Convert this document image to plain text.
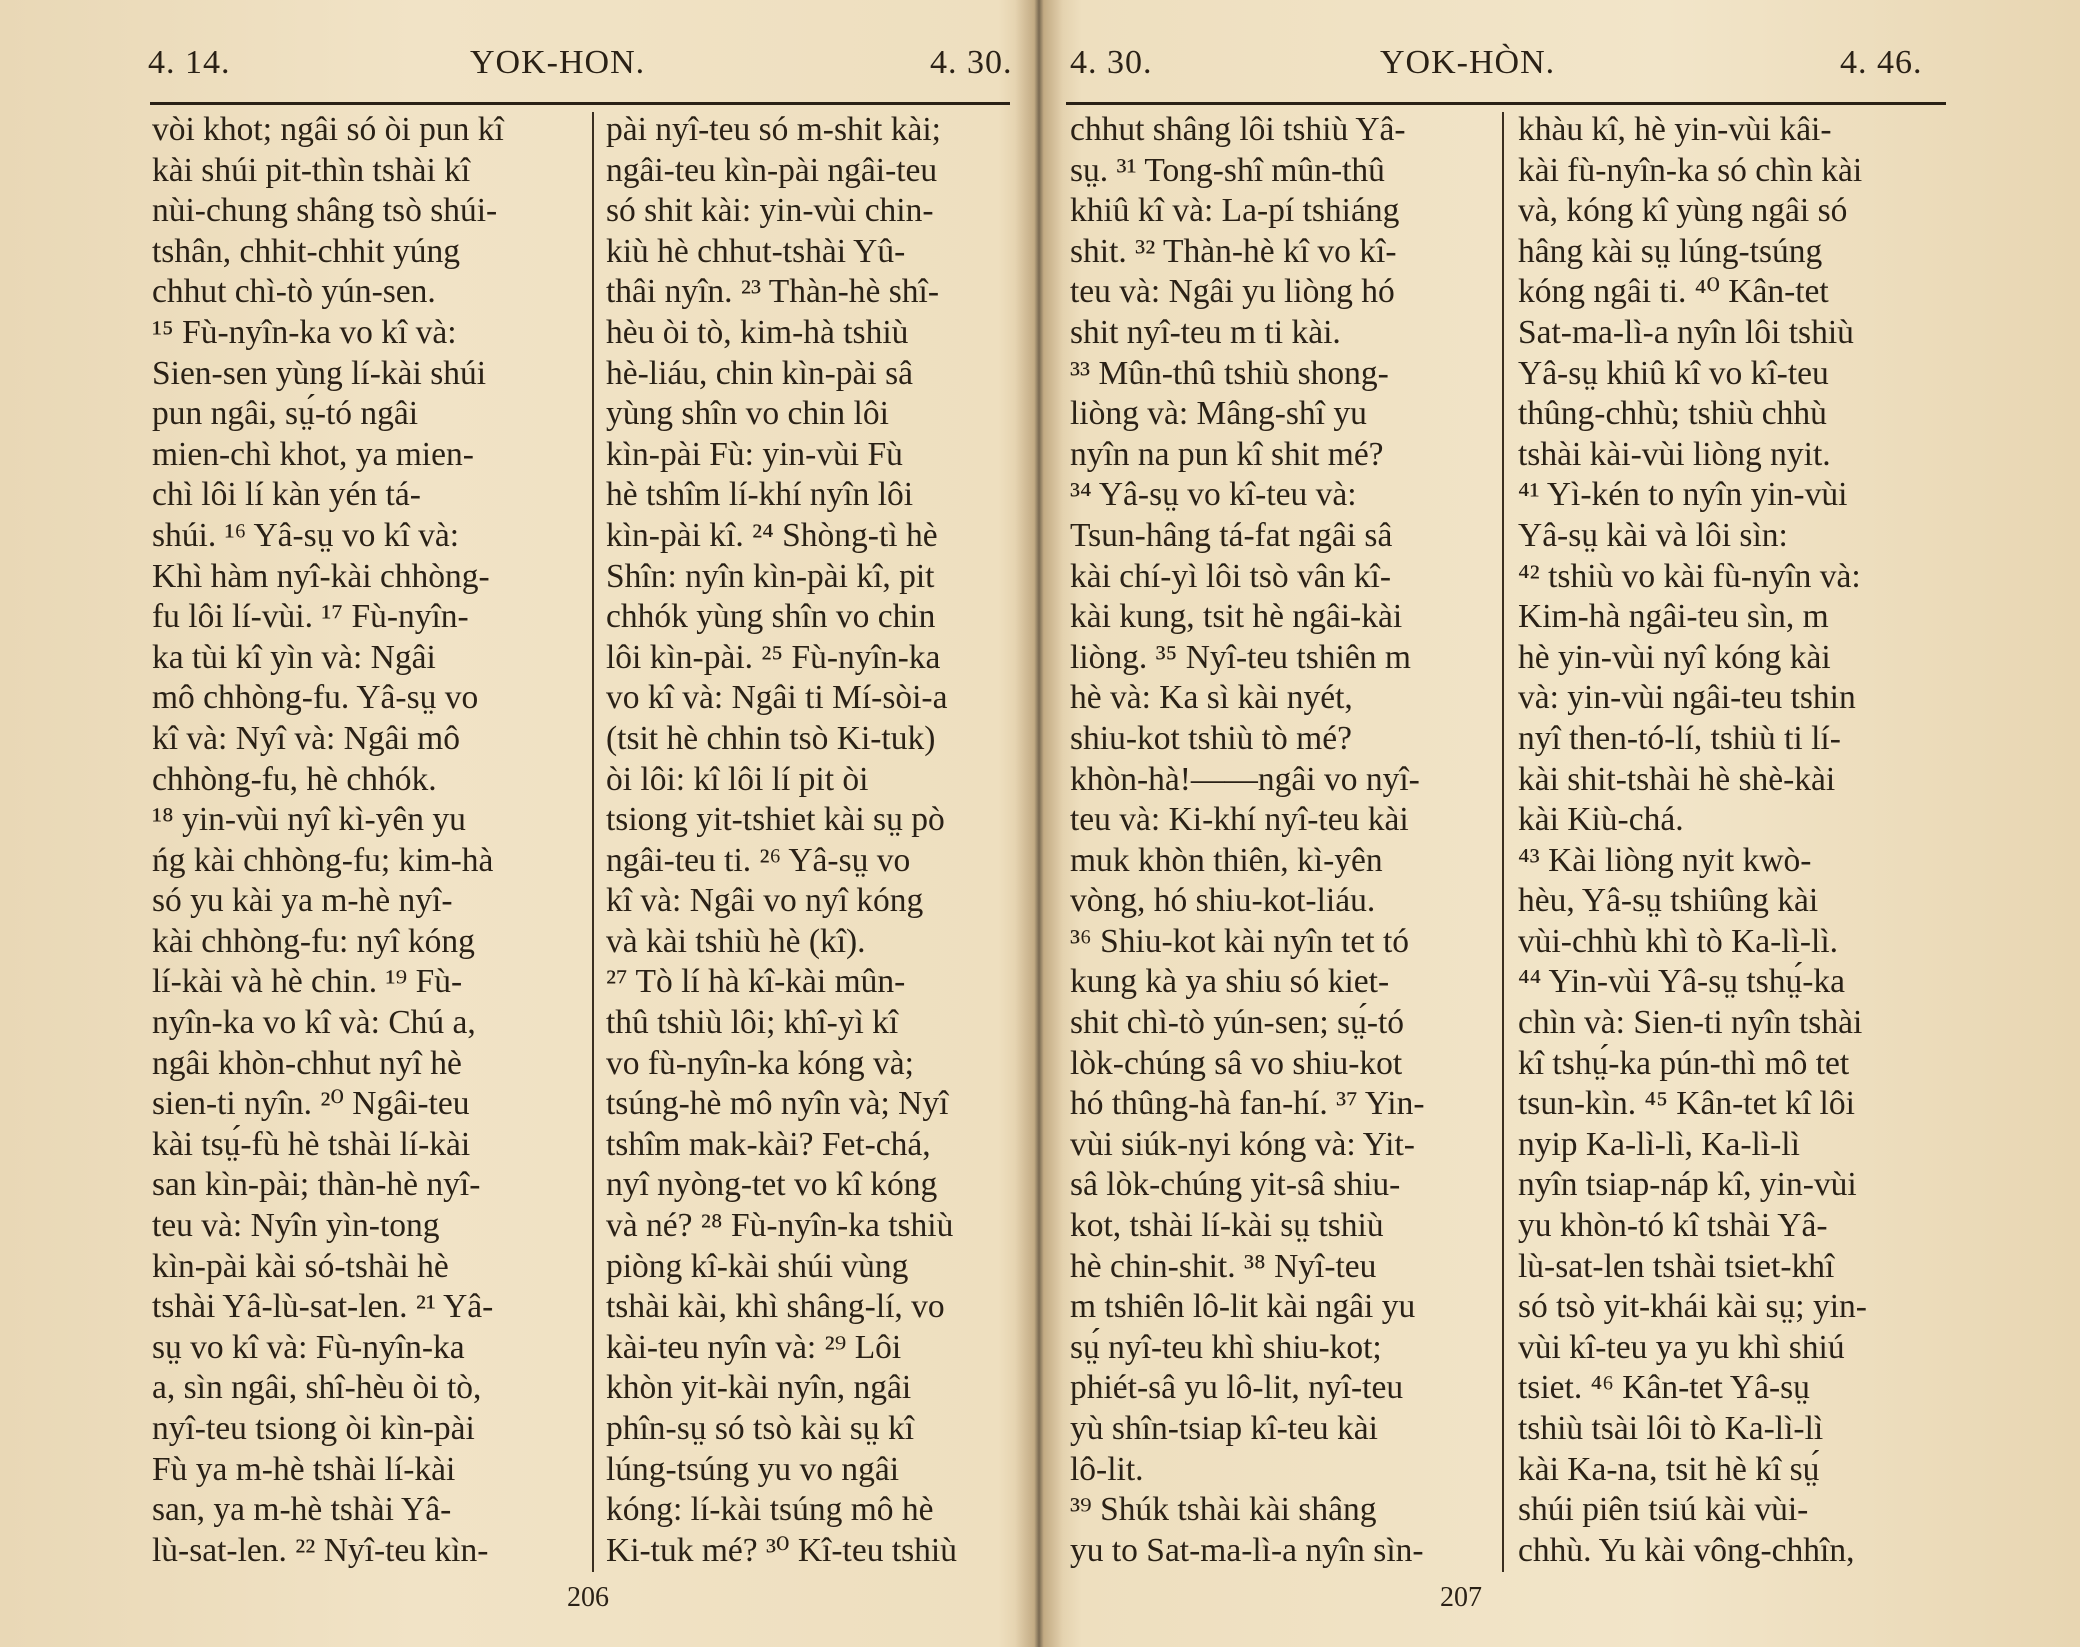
4. 14.	YOK-HON.	4. 30.

vòi khot; ngâi só òi pun kî
kài shúi pit-thìn tshài kî
nùi-chung shâng tsò shúi-
tshân, chhit-chhit yúng
chhut chì-tò yún-sen.
¹⁵ Fù-nyîn-ka vo kî và:
Sien-sen yùng lí-kài shúi
pun ngâi, sṳ́-tó ngâi
mien-chì khot, ya mien-
chì lôi lí kàn yén tá-
shúi. ¹⁶ Yâ-sṳ vo kî và:
Khì hàm nyî-kài chhòng-
fu lôi lí-vùi. ¹⁷ Fù-nyîn-
ka tùi kî yìn và: Ngâi
mô chhòng-fu. Yâ-sṳ vo
kî và: Nyî và: Ngâi mô
chhòng-fu, hè chhók.
¹⁸ yin-vùi nyî kì-yên yu
ńg kài chhòng-fu; kim-hà
só yu kài ya m-hè nyî-
kài chhòng-fu: nyî kóng
lí-kài và hè chin. ¹⁹ Fù-
nyîn-ka vo kî và: Chú a,
ngâi khòn-chhut nyî hè
sien-ti nyîn. ²⁰ Ngâi-teu
kài tsṳ́-fù hè tshài lí-kài
san kìn-pài; thàn-hè nyî-
teu và: Nyîn yìn-tong
kìn-pài kài só-tshài hè
tshài Yâ-lù-sat-len. ²¹ Yâ-
sṳ vo kî và: Fù-nyîn-ka
a, sìn ngâi, shî-hèu òi tò,
nyî-teu tsiong òi kìn-pài
Fù ya m-hè tshài lí-kài
san, ya m-hè tshài Yâ-
lù-sat-len. ²² Nyî-teu kìn-

pài nyî-teu só m-shit kài;
ngâi-teu kìn-pài ngâi-teu
só shit kài: yin-vùi chin-
kiù hè chhut-tshài Yû-
thâi nyîn. ²³ Thàn-hè shî-
hèu òi tò, kim-hà tshiù
hè-liáu, chin kìn-pài sâ
yùng shîn vo chin lôi
kìn-pài Fù: yin-vùi Fù
hè tshîm lí-khí nyîn lôi
kìn-pài kî. ²⁴ Shòng-tì hè
Shîn: nyîn kìn-pài kî, pit
chhók yùng shîn vo chin
lôi kìn-pài. ²⁵ Fù-nyîn-ka
vo kî và: Ngâi ti Mí-sòi-a
(tsit hè chhin tsò Ki-tuk)
òi lôi: kî lôi lí pit òi
tsiong yit-tshiet kài sṳ pò
ngâi-teu ti. ²⁶ Yâ-sṳ vo
kî và: Ngâi vo nyî kóng
và kài tshiù hè (kî).
²⁷ Tò lí hà kî-kài mûn-
thû tshiù lôi; khî-yì kî
vo fù-nyîn-ka kóng và;
tsúng-hè mô nyîn và; Nyî
tshîm mak-kài? Fet-chá,
nyî nyòng-tet vo kî kóng
và né? ²⁸ Fù-nyîn-ka tshiù
piòng kî-kài shúi vùng
tshài kài, khì shâng-lí, vo
kài-teu nyîn và: ²⁹ Lôi
khòn yit-kài nyîn, ngâi
phîn-sṳ só tsò kài sṳ kî
lúng-tsúng yu vo ngâi
kóng: lí-kài tsúng mô hè
Ki-tuk mé? ³⁰ Kî-teu tshiù

206
4. 30.	YOK-HÒN.	4. 46.

chhut shâng lôi tshiù Yâ-
sṳ. ³¹ Tong-shî mûn-thû
khiû kî và: La-pí tshiáng
shit. ³² Thàn-hè kî vo kî-
teu và: Ngâi yu liòng hó
shit nyî-teu m ti kài.
³³ Mûn-thû tshiù shong-
liòng và: Mâng-shî yu
nyîn na pun kî shit mé?
³⁴ Yâ-sṳ vo kî-teu và:
Tsun-hâng tá-fat ngâi sâ
kài chí-yì lôi tsò vân kî-
kài kung, tsit hè ngâi-kài
liòng. ³⁵ Nyî-teu tshiên m
hè và: Ka sì kài nyét,
shiu-kot tshiù tò mé?
khòn-hà!——ngâi vo nyî-
teu và: Ki-khí nyî-teu kài
muk khòn thiên, kì-yên
vòng, hó shiu-kot-liáu.
³⁶ Shiu-kot kài nyîn tet tó
kung kà ya shiu só kiet-
shit chì-tò yún-sen; sṳ́-tó
lòk-chúng sâ vo shiu-kot
hó thûng-hà fan-hí. ³⁷ Yin-
vùi siúk-nyi kóng và: Yit-
sâ lòk-chúng yit-sâ shiu-
kot, tshài lí-kài sṳ tshiù
hè chin-shit. ³⁸ Nyî-teu
m tshiên lô-lit kài ngâi yu
sṳ́ nyî-teu khì shiu-kot;
phiét-sâ yu lô-lit, nyî-teu
yù shîn-tsiap kî-teu kài
lô-lit.
³⁹ Shúk tshài kài shâng
yu to Sat-ma-lì-a nyîn sìn-

khàu kî, hè yin-vùi kâi-
kài fù-nyîn-ka só chìn kài
và, kóng kî yùng ngâi só
hâng kài sṳ lúng-tsúng
kóng ngâi ti. ⁴⁰ Kân-tet
Sat-ma-lì-a nyîn lôi tshiù
Yâ-sṳ khiû kî vo kî-teu
thûng-chhù; tshiù chhù
tshài kài-vùi liòng nyit.
⁴¹ Yì-kén to nyîn yin-vùi
Yâ-sṳ kài và lôi sìn:
⁴² tshiù vo kài fù-nyîn và:
Kim-hà ngâi-teu sìn, m
hè yin-vùi nyî kóng kài
và: yin-vùi ngâi-teu tshin
nyî then-tó-lí, tshiù ti lí-
kài shit-tshài hè shè-kài
kài Kiù-chá.
⁴³ Kài liòng nyit kwò-
hèu, Yâ-sṳ tshiûng kài
vùi-chhù khì tò Ka-lì-lì.
⁴⁴ Yin-vùi Yâ-sṳ tshṳ́-ka
chìn và: Sien-ti nyîn tshài
kî tshṳ́-ka pún-thì mô tet
tsun-kìn. ⁴⁵ Kân-tet kî lôi
nyip Ka-lì-lì, Ka-lì-lì
nyîn tsiap-náp kî, yin-vùi
yu khòn-tó kî tshài Yâ-
lù-sat-len tshài tsiet-khî
só tsò yit-khái kài sṳ; yin-
vùi kî-teu ya yu khì shiú
tsiet. ⁴⁶ Kân-tet Yâ-sṳ
tshiù tsài lôi tò Ka-lì-lì
kài Ka-na, tsit hè kî sṳ́
shúi piên tsiú kài vùi-
chhù. Yu kài vông-chhîn,

207
